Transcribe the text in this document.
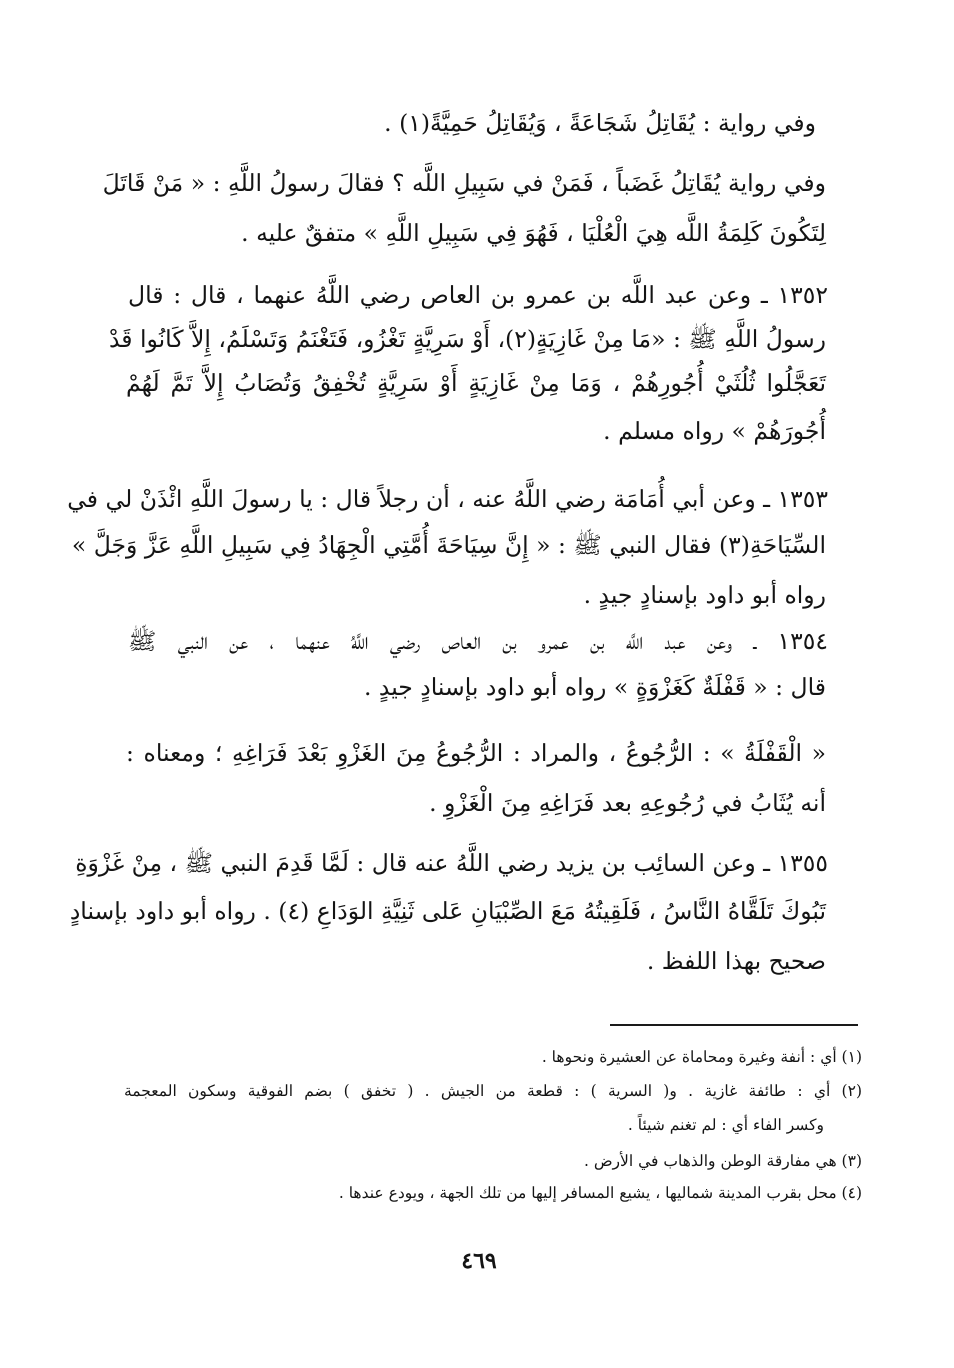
وفي رواية : يُقَاتِلُ شَجَاعَةً ، وَيُقَاتِلُ حَمِيَّةً(١) .
وفي رواية يُقَاتِلُ غَضَباً ، فَمَنْ في سَبِيلِ اللَّه ؟ فقالَ رسولُ اللَّهِ : « مَنْ قَاتَلَ
لِتَكُونَ كَلِمَةُ اللَّه هِيَ الْعُلْيَا ، فَهُوَ فِي سَبِيلِ اللَّهِ » متفقٌ عليه .
١٣٥٢ ـ وعن عبد اللَّه بن عمرو بن العاص رضي اللَّهُ عنهما ، قال : قال
رسولُ اللَّهِ ﷺ : «مَا مِنْ غَازِيَةٍ(٢)، أَوْ سَرِيَّةٍ تَغْزُو، فَتَغْنَمُ وَتَسْلَمُ، إِلاَّ كَانُوا قَدْ
تَعَجَّلُوا ثُلُثَيْ أُجُورِهُمْ ، وَمَا مِنْ غَازِيَةٍ أَوْ سَرِيَّةٍ تُخْفِقُ وَتُصَابُ إِلاَّ تَمَّ لَهُمْ
أُجُورَهُمْ » رواه مسلم .
١٣٥٣ ـ وعن أبي أُمَامَة رضي اللَّهُ عنه ، أن رجلاً قال : يا رسولَ اللَّهِ ائْذَنْ لي في
السِّيَاحَةِ(٣) فقال النبي ﷺ : « إِنَّ سِيَاحَةَ أُمَّتِي الْجِهَادُ فِي سَبِيلِ اللَّهِ عَزَّ وَجَلَّ »
رواه أبو داود بإسنادٍ جيدٍ .
١٣٥٤ ـ وعن عبد اللَّه بن عمرو بن العاص رضي اللَّهُ عنهما ، عن النبي ﷺ
قال : « قَفْلَةٌ كَغَزْوَةٍ » رواه أبو داود بإسنادٍ جيدٍ .
« الْقَفْلَةُ » : الرُّجُوعُ ، والمراد : الرُّجُوعُ مِنَ الغَزْوِ بَعْدَ فَرَاغِهِ ؛ ومعناه :
أنه يُثَابُ في رُجُوعِهِ بعد فَرَاغِهِ مِنَ الْغَزْوِ .
١٣٥٥ ـ وعن السائِب بن يزيد رضي اللَّهُ عنه قال : لَمَّا قَدِمَ النبي ﷺ ، مِنْ غَزْوَةِ
تَبُوكَ تَلَقَّاهُ النَّاسُ ، فَلَقِيتُهُ مَعَ الصِّبْيَانِ عَلى ثَنِيَّةِ الوَدَاعِ (٤) . رواه أبو داود بإسنادٍ
صحيح بهذا اللفظ .
(١) أي : أنفة وغيرة ومحاماة عن العشيرة ونحوها .
(٢) أي : طائفة غازية . و( السرية ) : قطعة من الجيش . ( تخفق ) بضم الفوقية وسكون المعجمة
وكسر الفاء أي : لم تغنم شيئاً .
(٣) هي مفارقة الوطن والذهاب في الأرض .
(٤) محل بقرب المدينة شماليها ، يشيع المسافر إليها من تلك الجهة ، ويودع عندها .
٤٦٩
